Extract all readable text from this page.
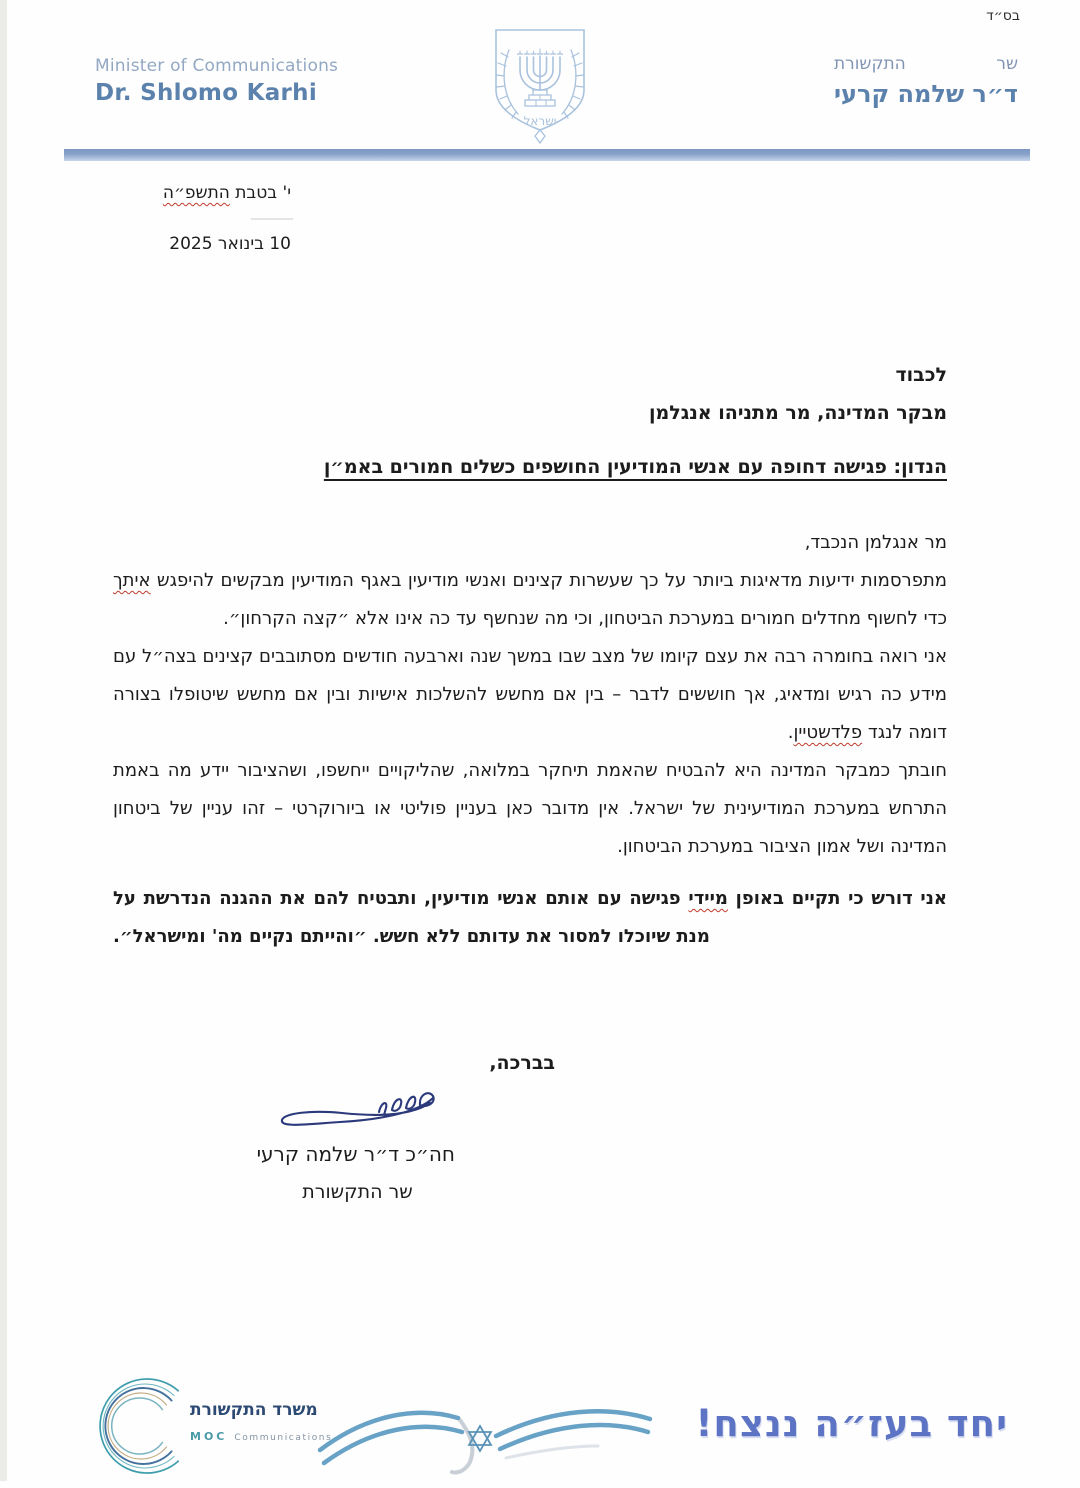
בס״ד
Minister of Communications
Dr. Shlomo Karhi
ישראל
שר
התקשורת
ד״ר שלמה קרעי
י' בטבת התשפ״ה
10 בינואר 2025
לכבוד
מבקר המדינה, מר מתניהו אנגלמן
הנדון: פגישה דחופה עם אנשי המודיעין החושפים כשלים חמורים באמ״ן

מר אנגלמן הנכבד,

מתפרסמות ידיעות מדאיגות ביותר על כך שעשרות קצינים ואנשי מודיעין באגף המודיעין מבקשים להיפגש איתך כדי לחשוף מחדלים חמורים במערכת הביטחון, וכי מה שנחשף עד כה אינו אלא ״קצה הקרחון״.

אני רואה בחומרה רבה את עצם קיומו של מצב שבו במשך שנה וארבעה חודשים מסתובבים קצינים בצה״ל עם מידע כה רגיש ומדאיג, אך חוששים לדבר – בין אם מחשש להשלכות אישיות ובין אם מחשש שיטופלו בצורה דומה לנגד פלדשטיין.

חובתך כמבקר המדינה היא להבטיח שהאמת תיחקר במלואה, שהליקויים ייחשפו, ושהציבור יידע מה באמת התרחש במערכת המודיעינית של ישראל. אין מדובר כאן בעניין פוליטי או ביורוקרטי – זהו עניין של ביטחון המדינה ושל אמון הציבור במערכת הביטחון.

אני דורש כי תקיים באופן מיידי פגישה עם אותם אנשי מודיעין, ותבטיח להם את ההגנה הנדרשת על מנת שיוכלו למסור את עדותם ללא חשש. ״והייתם נקיים מה' ומישראל״.

בברכה,
חה״כ ד״ר שלמה קרעי
שר התקשורת
משרד התקשורת
MOC Communications	יחד בעז״ה ננצח!
